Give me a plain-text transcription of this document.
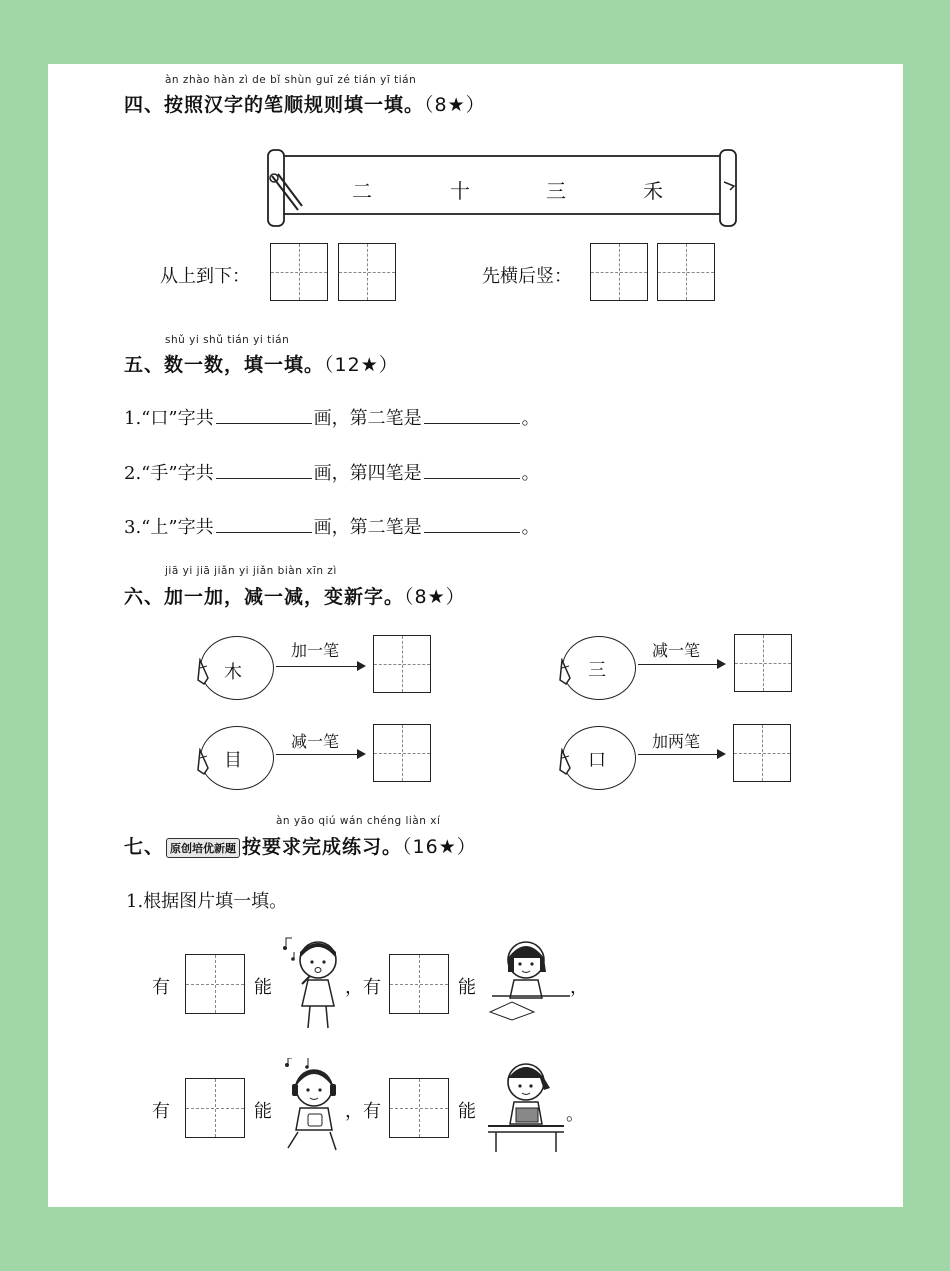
àn zhào hàn zì de bǐ shùn guī zé tián yī tián
四、按照汉字的笔顺规则填一填。（8★）
二	十	三	禾
从上到下：	先横后竖：
shǔ yi shǔ tián yi tián
五、数一数，填一填。（12★）
1.“口”字共	画，第二笔是	。
2.“手”字共	画，第四笔是	。
3.“上”字共	画，第二笔是	。
jiā yi jiā jiǎn yi jiǎn biàn xīn zì
六、加一加，减一减，变新字。（8★）
木
加一笔
三
减一笔
目
减一笔
口
加两笔
àn yāo qiú wán chéng liàn xí
七、 原创培优新题 按要求完成练习。（16★）
1.根据图片填一填。
有	能	，有	能	，
有	能	，有	能	。
